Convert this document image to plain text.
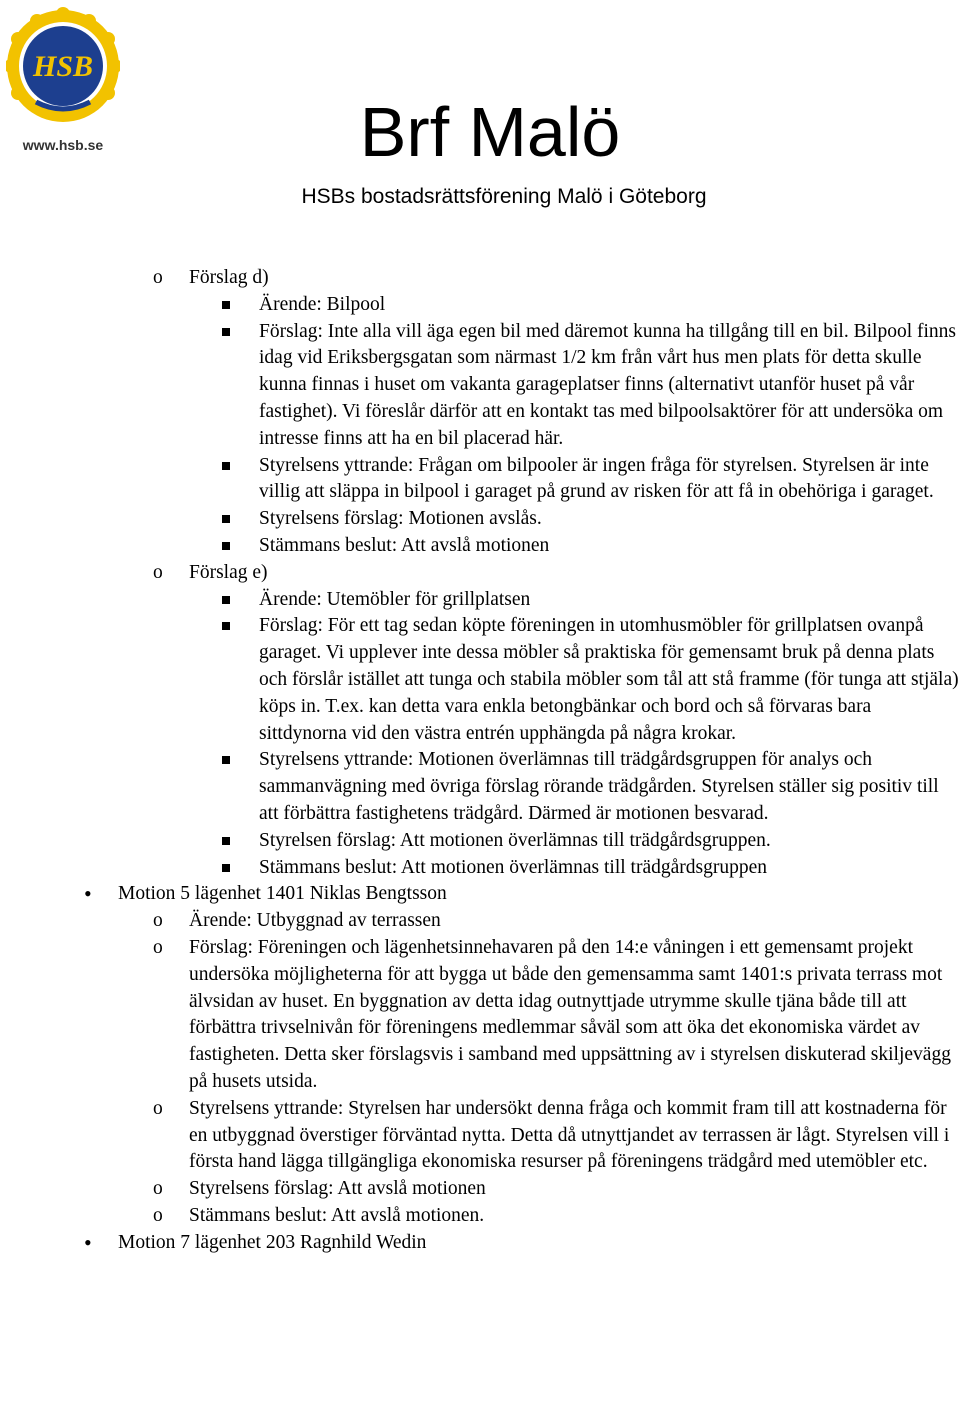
HSB
www.hsb.se	Brf Malö
HSBs bostadsrättsförening Malö i Göteborg
o Förslag d)
Ärende: Bilpool
Förslag: Inte alla vill äga egen bil med däremot kunna ha tillgång till en bil. Bilpool finns idag vid Eriksbergsgatan som närmast 1/2 km från vårt hus men plats för detta skulle kunna finnas i huset om vakanta garageplatser finns (alternativt utanför huset på vår fastighet). Vi föreslår därför att en kontakt tas med bilpoolsaktörer för att undersöka om intresse finns att ha en bil placerad här.
Styrelsens yttrande: Frågan om bilpooler är ingen fråga för styrelsen. Styrelsen är inte villig att släppa in bilpool i garaget på grund av risken för att få in obehöriga i garaget.
Styrelsens förslag: Motionen avslås.
Stämmans beslut: Att avslå motionen
o Förslag e)
Ärende: Utemöbler för grillplatsen
Förslag: För ett tag sedan köpte föreningen in utomhusmöbler för grillplatsen ovanpå garaget. Vi upplever inte dessa möbler så praktiska för gemensamt bruk på denna plats och förslår istället att tunga och stabila möbler som tål att stå framme (för tunga att stjäla) köps in. T.ex. kan detta vara enkla betongbänkar och bord och så förvaras bara sittdynorna vid den västra entrén upphängda på några krokar.
Styrelsens yttrande: Motionen överlämnas till trädgårdsgruppen för analys och sammanvägning med övriga förslag rörande trädgården. Styrelsen ställer sig positiv till att förbättra fastighetens trädgård. Därmed är motionen besvarad.
Styrelsen förslag: Att motionen överlämnas till trädgårdsgruppen.
Stämmans beslut: Att motionen överlämnas till trädgårdsgruppen
• Motion 5 lägenhet 1401 Niklas Bengtsson
o Ärende: Utbyggnad av terrassen
o Förslag: Föreningen och lägenhetsinnehavaren på den 14:e våningen i ett gemensamt projekt undersöka möjligheterna för att bygga ut både den gemensamma samt 1401:s privata terrass mot älvsidan av huset. En byggnation av detta idag outnyttjade utrymme skulle tjäna både till att förbättra trivselnivån för föreningens medlemmar såväl som att öka det ekonomiska värdet av fastigheten. Detta sker förslagsvis i samband med uppsättning av i styrelsen diskuterad skiljevägg på husets utsida.
o Styrelsens yttrande: Styrelsen har undersökt denna fråga och kommit fram till att kostnaderna för en utbyggnad överstiger förväntad nytta. Detta då utnyttjandet av terrassen är lågt. Styrelsen vill i första hand lägga tillgängliga ekonomiska resurser på föreningens trädgård med utemöbler etc.
o Styrelsens förslag: Att avslå motionen
o Stämmans beslut: Att avslå motionen.
• Motion 7 lägenhet 203 Ragnhild Wedin
